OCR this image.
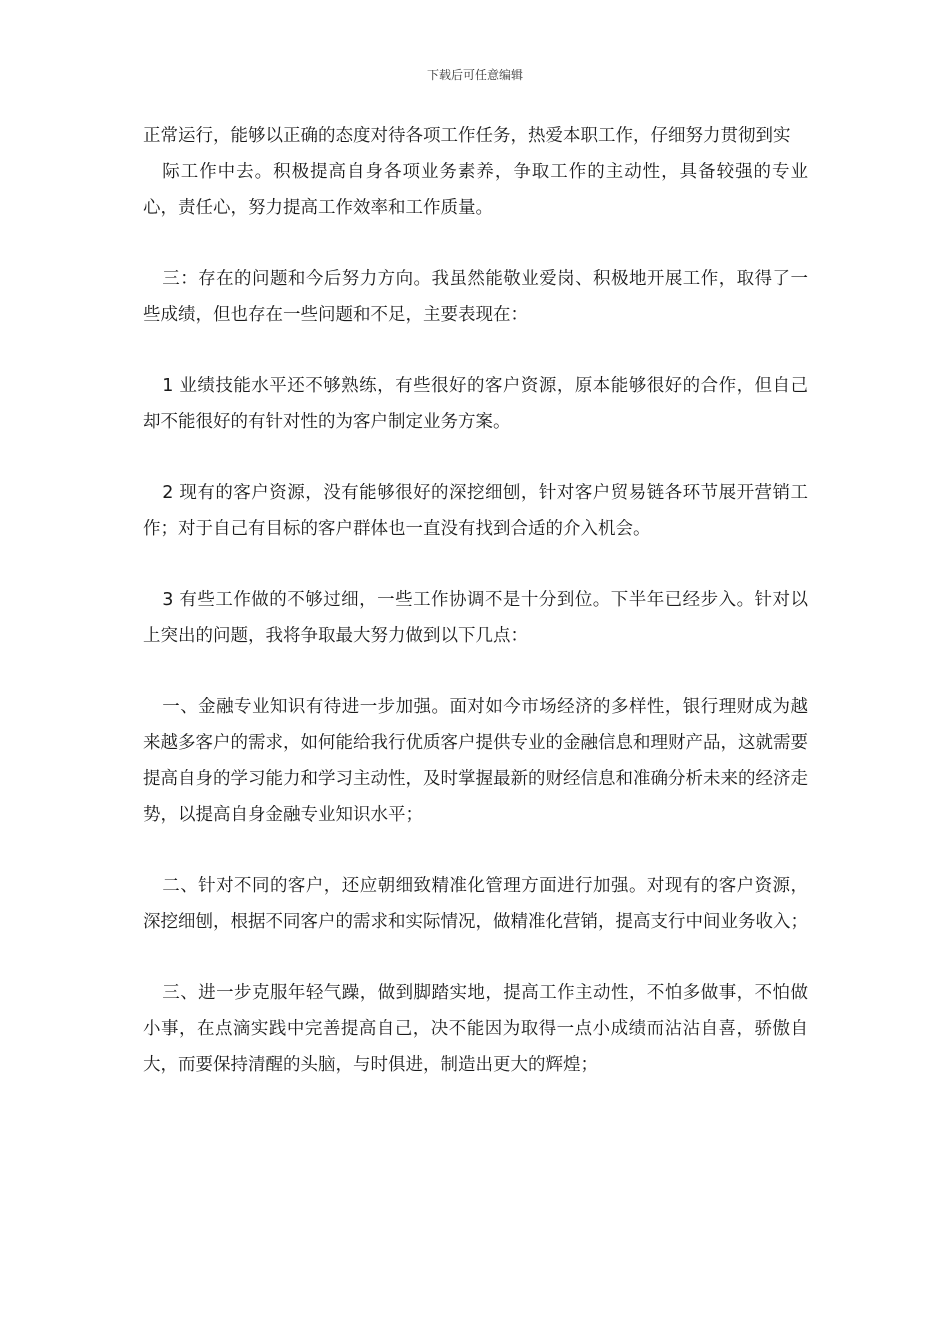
下载后可任意编辑

正常运行，能够以正确的态度对待各项工作任务，热爱本职工作，仔细努力贯彻到实

际工作中去。积极提高自身各项业务素养，争取工作的主动性，具备较强的专业心，责任心，努力提高工作效率和工作质量。

三：存在的问题和今后努力方向。我虽然能敬业爱岗、积极地开展工作，取得了一些成绩，但也存在一些问题和不足，主要表现在：

1 业绩技能水平还不够熟练，有些很好的客户资源，原本能够很好的合作，但自己却不能很好的有针对性的为客户制定业务方案。

2 现有的客户资源，没有能够很好的深挖细刨，针对客户贸易链各环节展开营销工作；对于自己有目标的客户群体也一直没有找到合适的介入机会。

3 有些工作做的不够过细，一些工作协调不是十分到位。下半年已经步入。针对以上突出的问题，我将争取最大努力做到以下几点：

一、金融专业知识有待进一步加强。面对如今市场经济的多样性，银行理财成为越来越多客户的需求，如何能给我行优质客户提供专业的金融信息和理财产品，这就需要提高自身的学习能力和学习主动性，及时掌握最新的财经信息和准确分析未来的经济走势，以提高自身金融专业知识水平；

二、针对不同的客户，还应朝细致精准化管理方面进行加强。对现有的客户资源，深挖细刨，根据不同客户的需求和实际情况，做精准化营销，提高支行中间业务收入；

三、进一步克服年轻气躁，做到脚踏实地，提高工作主动性，不怕多做事，不怕做小事，在点滴实践中完善提高自己，决不能因为取得一点小成绩而沾沾自喜，骄傲自大，而要保持清醒的头脑，与时俱进，制造出更大的辉煌；
